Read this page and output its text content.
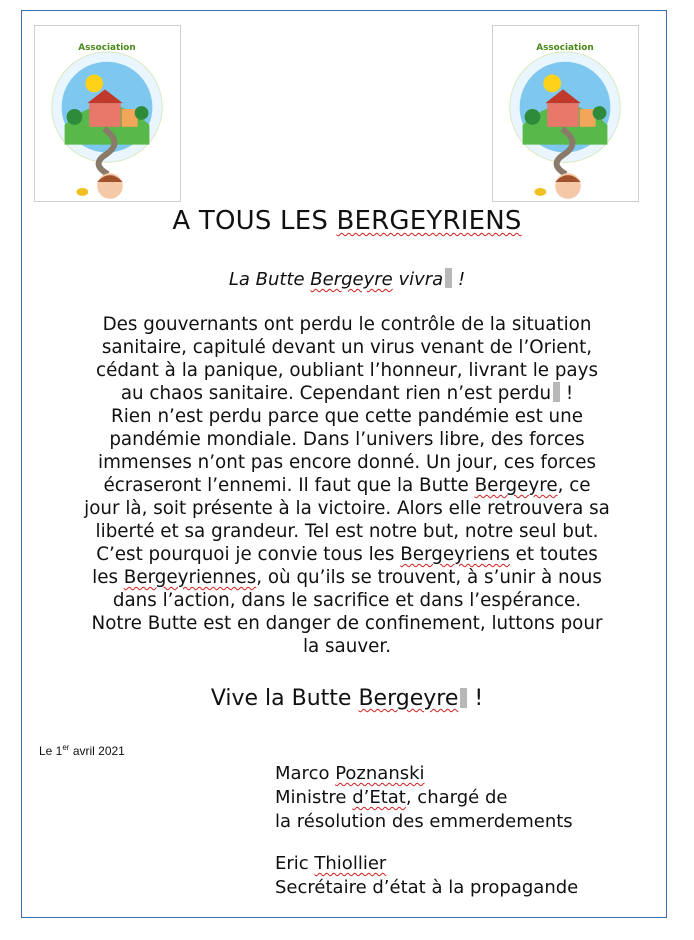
Association	Association
A TOUS LES BERGEYRIENS
La Butte Bergeyre vivra !
Des gouvernants ont perdu le contrôle de la situation
sanitaire, capitulé devant un virus venant de l’Orient,
cédant à la panique, oubliant l’honneur, livrant le pays
au chaos sanitaire. Cependant rien n’est perdu !
Rien n’est perdu parce que cette pandémie est une
pandémie mondiale. Dans l’univers libre, des forces
immenses n’ont pas encore donné. Un jour, ces forces
écraseront l’ennemi. Il faut que la Butte Bergeyre, ce
jour là, soit présente à la victoire. Alors elle retrouvera sa
liberté et sa grandeur. Tel est notre but, notre seul but.
C’est pourquoi je convie tous les Bergeyriens et toutes
les Bergeyriennes, où qu’ils se trouvent, à s’unir à nous
dans l’action, dans le sacrifice et dans l’espérance.
Notre Butte est en danger de confinement, luttons pour
la sauver.
Vive la Butte Bergeyre !
Le 1er avril 2021
Marco Poznanski
Ministre d’Etat, chargé de
la résolution des emmerdements
Eric Thiollier
Secrétaire d’état à la propagande
